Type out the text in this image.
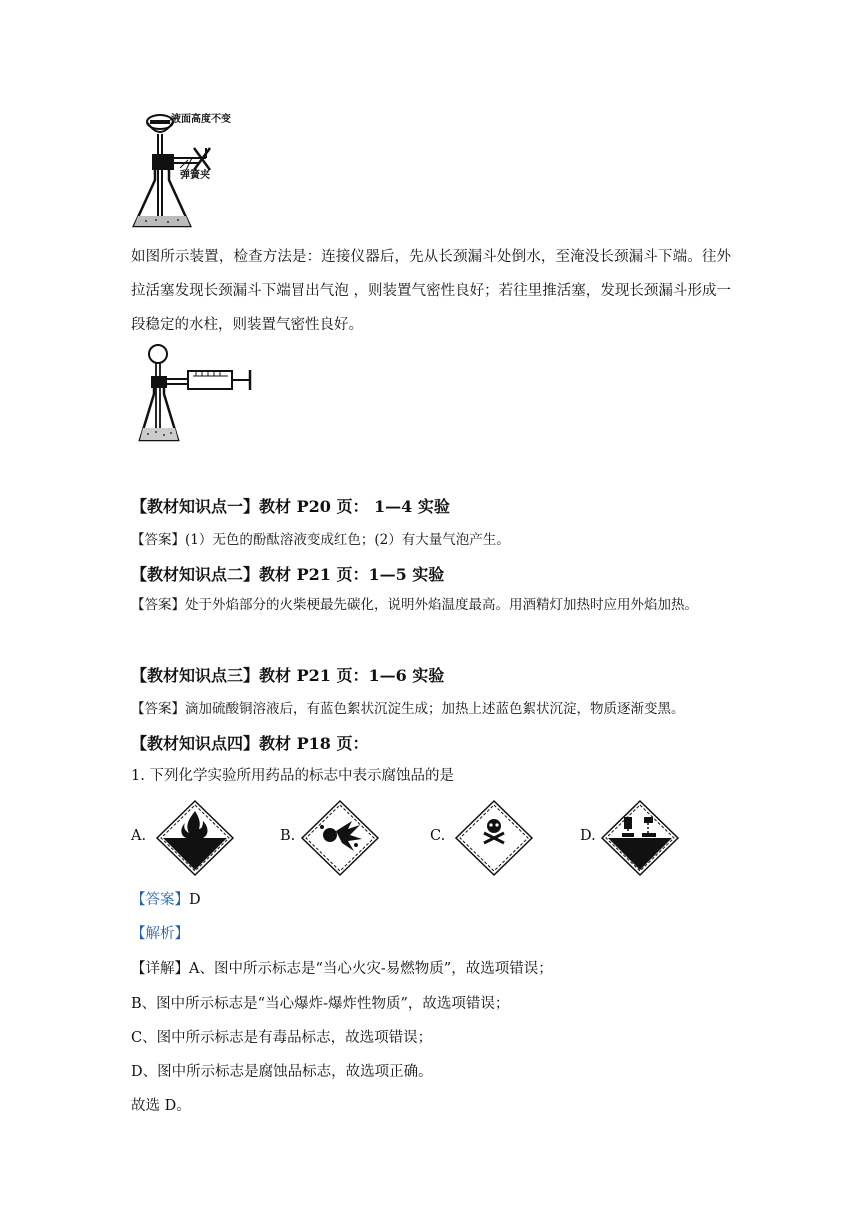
液面高度不变
弹簧夹
如图所示装置，检查方法是：连接仪器后，先从长颈漏斗处倒水，至淹没长颈漏斗下端。往外拉活塞发现长颈漏斗下端冒出气泡 ，则装置气密性良好；若往里推活塞，发现长颈漏斗形成一段稳定的水柱，则装置气密性良好。
【教材知识点一】教材 P20 页： 1—4 实验
【答案】(1）无色的酚酞溶液变成红色；(2）有大量气泡产生。
【教材知识点二】教材 P21 页：1—5 实验
【答案】处于外焰部分的火柴梗最先碳化，说明外焰温度最高。用酒精灯加热时应用外焰加热。
【教材知识点三】教材 P21 页：1—6 实验
【答案】滴加硫酸铜溶液后，有蓝色絮状沉淀生成；加热上述蓝色絮状沉淀，物质逐渐变黑。
【教材知识点四】教材 P18 页：
1. 下列化学实验所用药品的标志中表示腐蚀品的是
A.	B.	C.	D.
【答案】D
【解析】
【详解】A、图中所示标志是“当心火灾-易燃物质”，故选项错误；
B、图中所示标志是“当心爆炸-爆炸性物质”，故选项错误；
C、图中所示标志是有毒品标志，故选项错误；
D、图中所示标志是腐蚀品标志，故选项正确。
故选 D。
